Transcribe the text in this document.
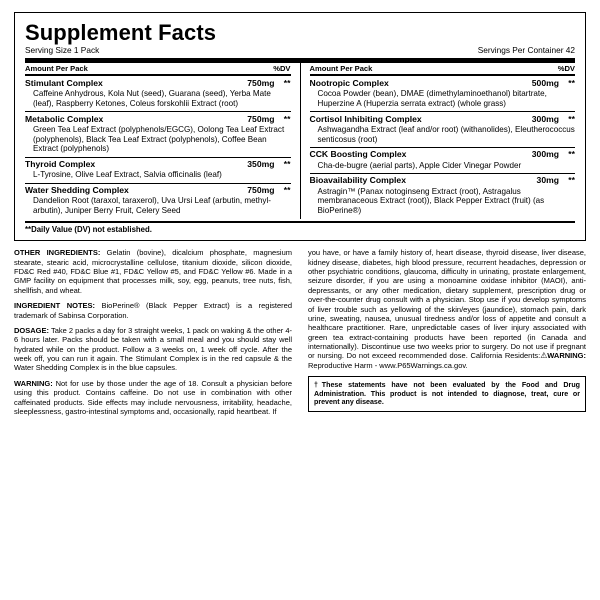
Supplement Facts
Serving Size 1 Pack	Servings Per Container 42
Amount Per Pack	%DV
Stimulant Complex	750mg **
Caffeine Anhydrous, Kola Nut (seed), Guarana (seed), Yerba Mate (leaf), Raspberry Ketones, Coleus forskohlii Extract (root)
Metabolic Complex	750mg **
Green Tea Leaf Extract (polyphenols/EGCG), Oolong Tea Leaf Extract (polyphenols), Black Tea Leaf Extract (polyphenols), Coffee Bean Extract (polyphenols)
Thyroid Complex	350mg **
L-Tyrosine, Olive Leaf Extract, Salvia officinalis (leaf)
Water Shedding Complex	750mg **
Dandelion Root (taraxol, taraxerol), Uva Ursi Leaf (arbutin, methyl-arbutin), Juniper Berry Fruit, Celery Seed
Amount Per Pack	%DV
Nootropic Complex	500mg **
Cocoa Powder (bean), DMAE (dimethylaminoethanol) bitartrate, Huperzine A (Huperzia serrata extract) (whole grass)
Cortisol Inhibiting Complex	300mg **
Ashwagandha Extract (leaf and/or root) (withanolides), Eleutherococcus senticosus (root)
CCK Boosting Complex	300mg **
Cha-de-bugre (aerial parts), Apple Cider Vinegar Powder
Bioavailability Complex	30mg **
Astragin™ (Panax notoginseng Extract (root), Astragalus membranaceous Extract (root)), Black Pepper Extract (fruit) (as BioPerine®)
**Daily Value (DV) not established.

OTHER INGREDIENTS: Gelatin (bovine), dicalcium phosphate, magnesium stearate, stearic acid, microcrystalline cellulose, titanium dioxide, silicon dioxide, FD&C Red #40, FD&C Blue #1, FD&C Yellow #5, and FD&C Yellow #6. Made in a GMP facility on equipment that processes milk, soy, egg, peanuts, tree nuts, fish, shellfish, and wheat.

INGREDIENT NOTES: BioPerine® (Black Pepper Extract) is a registered trademark of Sabinsa Corporation.

DOSAGE: Take 2 packs a day for 3 straight weeks, 1 pack on waking & the other 4-6 hours later. Packs should be taken with a small meal and you should stay well hydrated while on the product. Follow a 3 weeks on, 1 week off cycle. After the week off, you can run it again. The Stimulant Complex is in the red capsule & the Water Shedding Complex is in the blue capsules.

WARNING: Not for use by those under the age of 18. Consult a physician before using this product. Contains caffeine. Do not use in combination with other caffeinated products. Side effects may include nervousness, irritability, headache, sleeplessness, gastro-intestinal symptoms and, occasionally, rapid heartbeat. If

you have, or have a family history of, heart disease, thyroid disease, liver disease, kidney disease, diabetes, high blood pressure, recurrent headaches, depression or other psychiatric conditions, glaucoma, difficulty in urinating, prostate enlargement, seizure disorder, if you are using a monoamine oxidase inhibitor (MAOI), anti-depressants, or any other medication, dietary supplement, prescription drug or over-the-counter drug consult with a physician. Stop use if you develop symptoms of liver trouble such as yellowing of the skin/eyes (jaundice), stomach pain, dark urine, sweating, nausea, unusual tiredness and/or loss of appetite and consult a healthcare practitioner. Rare, unpredictable cases of liver injury associated with green tea extract-containing products have been reported (in Canada and internationally). Discontinue use two weeks prior to surgery. Do not use if pregnant or nursing. Do not exceed recommended dose. California Residents:⚠WARNING: Reproductive Harm - www.P65Warnings.ca.gov.

†These statements have not been evaluated by the Food and Drug Administration. This product is not intended to diagnose, treat, cure or prevent any disease.
